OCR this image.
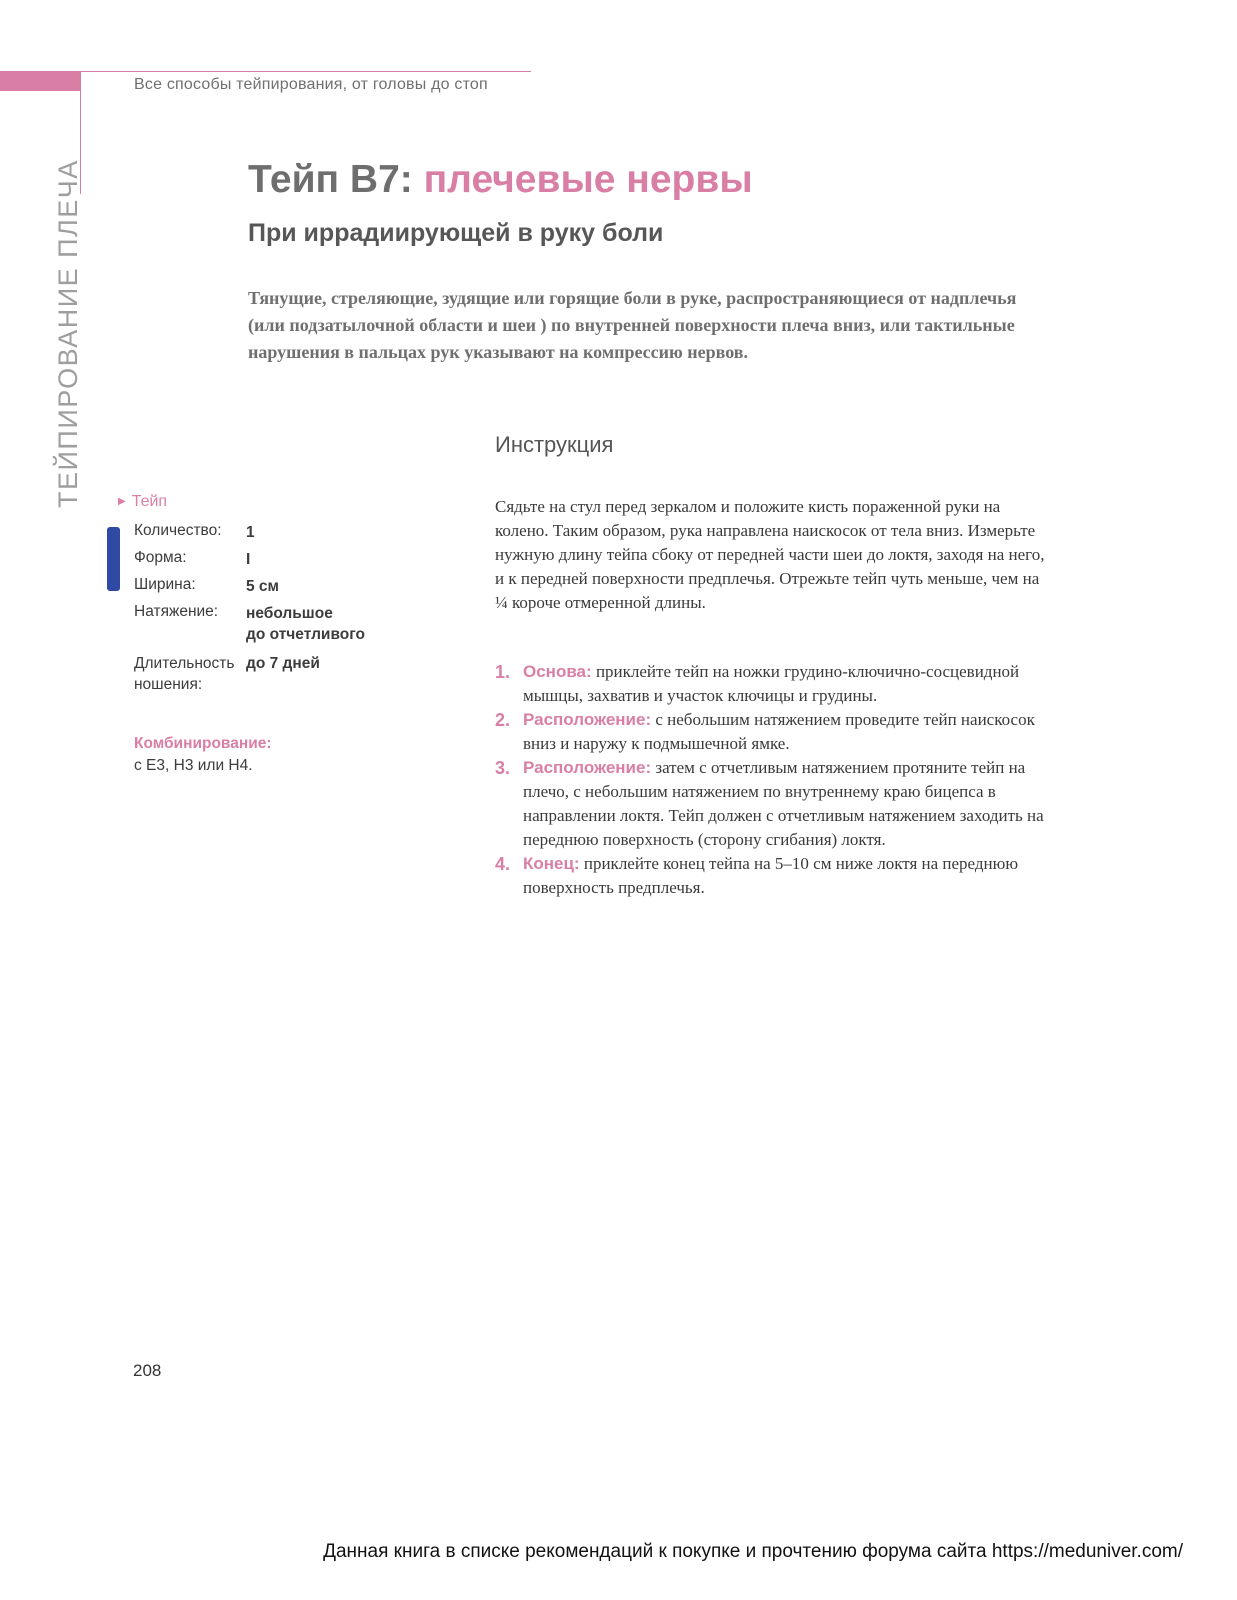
Все способы тейпирования, от головы до стоп
ТЕЙПИРОВАНИЕ ПЛЕЧА	Тейп В7: плечевые нервы
При иррадиирующей в руку боли

Тянущие, стреляющие, зудящие или горящие боли в руке, распространяющиеся от надплечья (или подзатылочной области и шеи ) по внутренней поверхности плеча вниз, или тактильные нарушения в пальцах рук указывают на компрессию нервов.

▶ Тейп
Количество:	1
Форма:	I
Ширина:	5 см
Натяжение:	небольшое
до отчетливого
Длительность
ношения:
до 7 дней
Комбинирование:
с Е3, Н3 или Н4.
Инструкция

Сядьте на стул перед зеркалом и положите кисть пораженной руки на колено. Таким образом, рука направлена наискосок от тела вниз. Измерьте нужную длину тейпа сбоку от передней части шеи до локтя, заходя на него, и к передней поверхности предплечья. Отрежьте тейп чуть меньше, чем на ¼ короче отмеренной длины.

1. Основа: приклейте тейп на ножки грудино-ключично-сосцевидной мышцы, захватив и участок ключицы и грудины.
2. Расположение: с небольшим натяжением проведите тейп наискосок вниз и наружу к подмышечной ямке.
3. Расположение: затем с отчетливым натяжением протяните тейп на плечо, с небольшим натяжением по внутреннему краю бицепса в направлении локтя. Тейп должен с отчетливым натяжением заходить на переднюю поверхность (сторону сгибания) локтя.
4. Конец: приклейте конец тейпа на 5–10 см ниже локтя на переднюю поверхность предплечья.
208
Данная книга в списке рекомендаций к покупке и прочтению форума сайта https://meduniver.com/
